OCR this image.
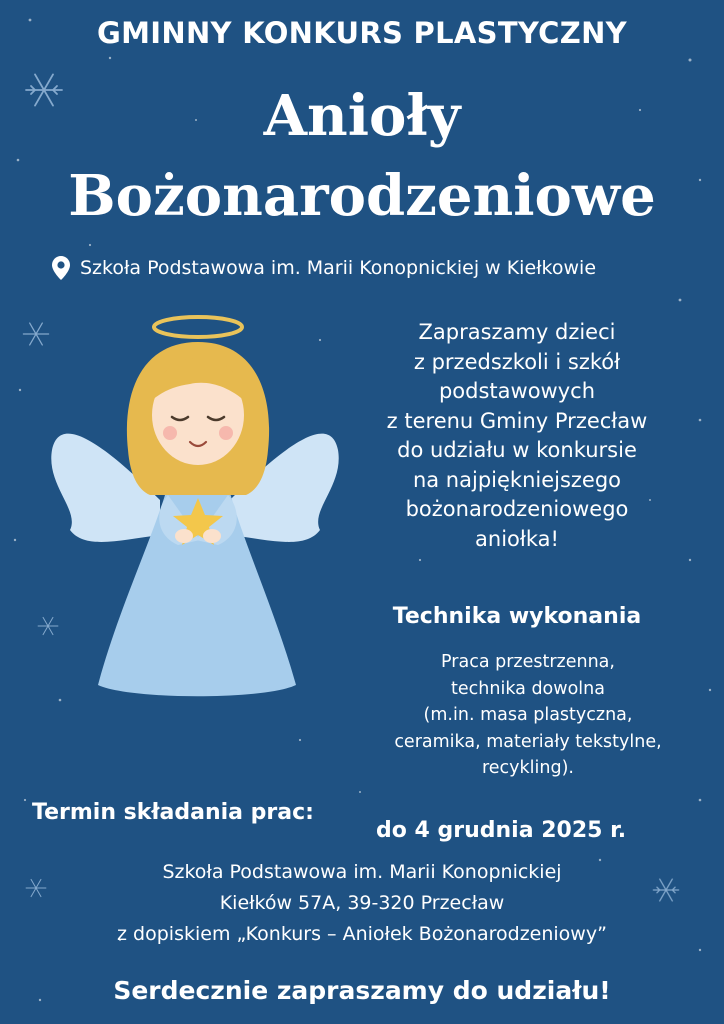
GMINNY KONKURS PLASTYCZNY
Anioły
Bożonarodzeniowe
Szkoła Podstawowa im. Marii Konopnickiej w Kiełkowie
Zapraszamy dzieci
z przedszkoli i szkół
podstawowych
z terenu Gminy Przecław
do udziału w konkursie
na najpiękniejszego
bożonarodzeniowego
aniołka!
Technika wykonania
Praca przestrzenna,
technika dowolna
(m.in. masa plastyczna,
ceramika, materiały tekstylne,
recykling).
Termin składania prac:
do 4 grudnia 2025 r.
Szkoła Podstawowa im. Marii Konopnickiej
Kiełków 57A, 39-320 Przecław
z dopiskiem „Konkurs – Aniołek Bożonarodzeniowy”
Serdecznie zapraszamy do udziału!
